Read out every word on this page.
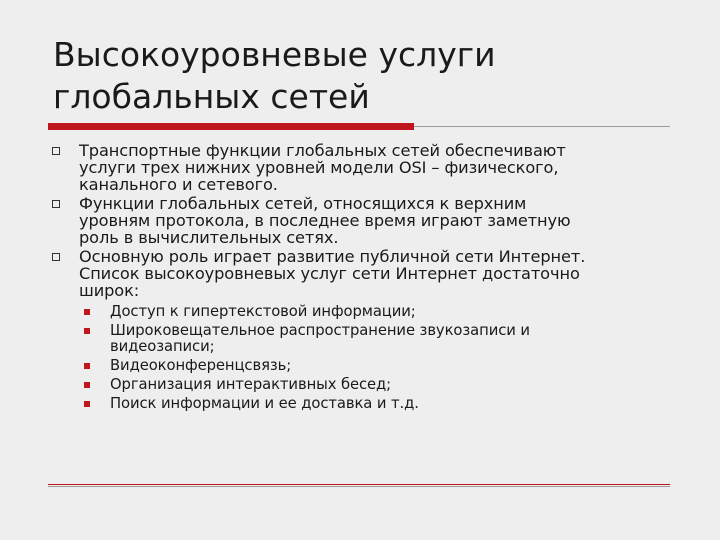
Высокоуровневые услуги
глобальных сетей
Транспортные функции глобальных сетей обеспечивают
услуги трех нижних уровней модели OSI – физического,
канального и сетевого.
Функции глобальных сетей, относящихся к верхним
уровням протокола, в последнее время играют заметную
роль в вычислительных сетях.
Основную роль играет развитие публичной сети Интернет.
Список высокоуровневых услуг сети Интернет достаточно
широк:
Доступ к гипертекстовой информации;
Широковещательное распространение звукозаписи и
видеозаписи;
Видеоконференцсвязь;
Организация интерактивных бесед;
Поиск информации и ее доставка и т.д.
